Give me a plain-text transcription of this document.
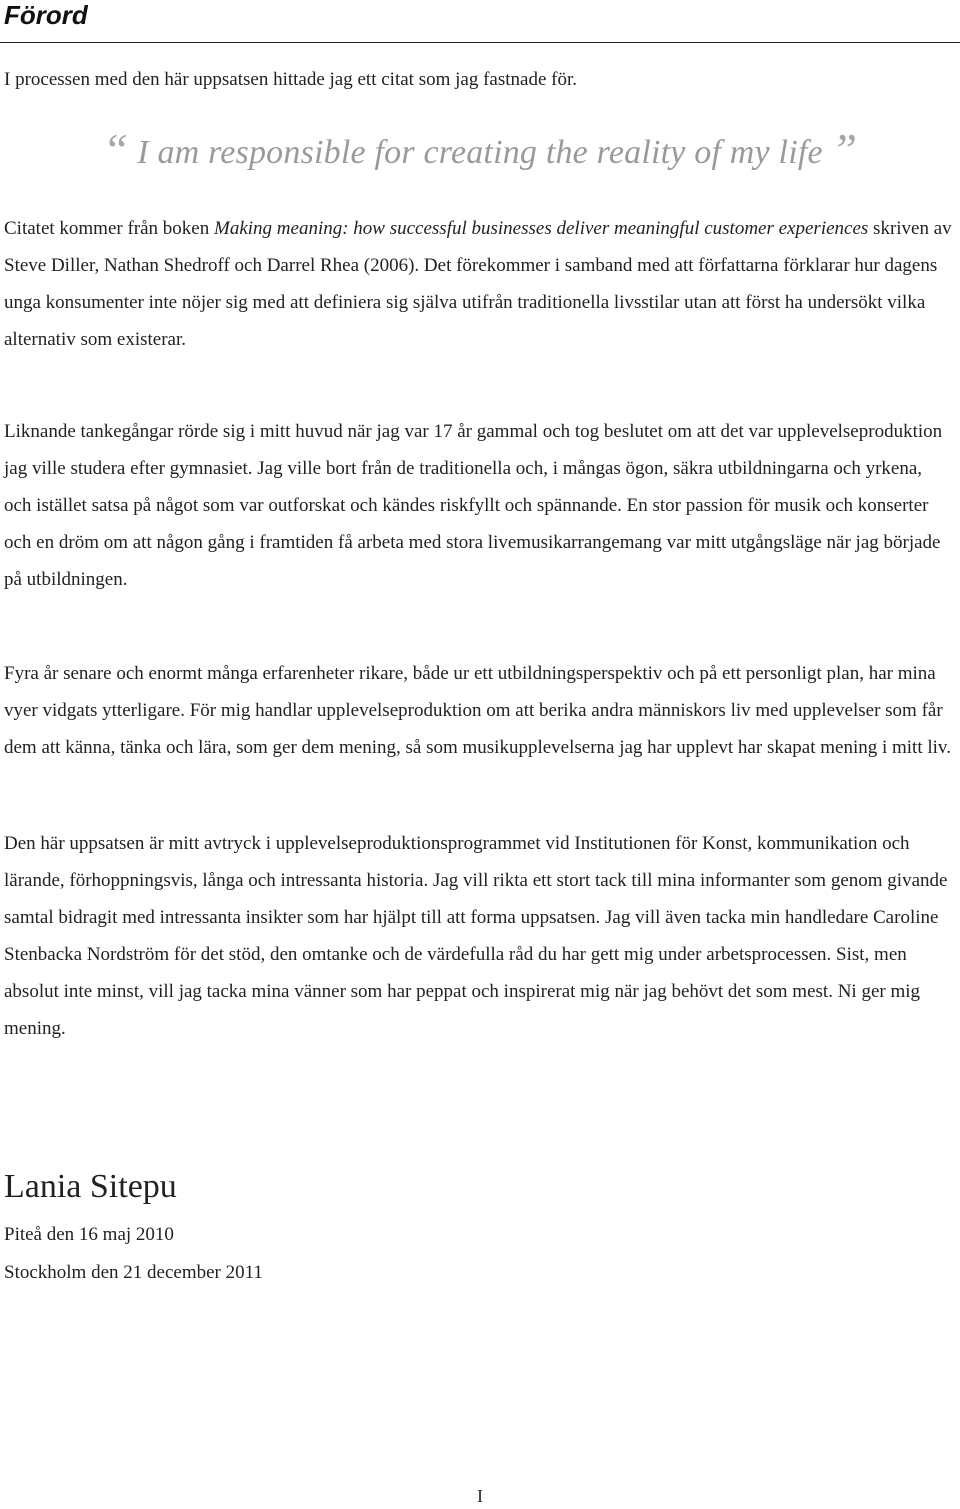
Förord
I processen med den här uppsatsen hittade jag ett citat som jag fastnade för.
“ I am responsible for creating the reality of my life ”
Citatet kommer från boken Making meaning: how successful businesses deliver meaningful customer experiences skriven av Steve Diller, Nathan Shedroff och Darrel Rhea (2006). Det förekommer i samband med att författarna förklarar hur dagens unga konsumenter inte nöjer sig med att definiera sig själva utifrån traditionella livsstilar utan att först ha undersökt vilka alternativ som existerar.
Liknande tankegångar rörde sig i mitt huvud när jag var 17 år gammal och tog beslutet om att det var upplevelseproduktion jag ville studera efter gymnasiet. Jag ville bort från de traditionella och, i mångas ögon, säkra utbildningarna och yrkena, och istället satsa på något som var outforskat och kändes riskfyllt och spännande. En stor passion för musik och konserter och en dröm om att någon gång i framtiden få arbeta med stora livemusikarrangemang var mitt utgångsläge när jag började på utbildningen.
Fyra år senare och enormt många erfarenheter rikare, både ur ett utbildningsperspektiv och på ett personligt plan, har mina vyer vidgats ytterligare. För mig handlar upplevelseproduktion om att berika andra människors liv med upplevelser som får dem att känna, tänka och lära, som ger dem mening, så som musikupplevelserna jag har upplevt har skapat mening i mitt liv.
Den här uppsatsen är mitt avtryck i upplevelseproduktionsprogrammet vid Institutionen för Konst, kommunikation och lärande, förhoppningsvis, långa och intressanta historia. Jag vill rikta ett stort tack till mina informanter som genom givande samtal bidragit med intressanta insikter som har hjälpt till att forma uppsatsen. Jag vill även tacka min handledare Caroline Stenbacka Nordström för det stöd, den omtanke och de värdefulla råd du har gett mig under arbetsprocessen. Sist, men absolut inte minst, vill jag tacka mina vänner som har peppat och inspirerat mig när jag behövt det som mest. Ni ger mig mening.
Lania Sitepu
Piteå den 16 maj 2010
Stockholm den 21 december 2011
I
